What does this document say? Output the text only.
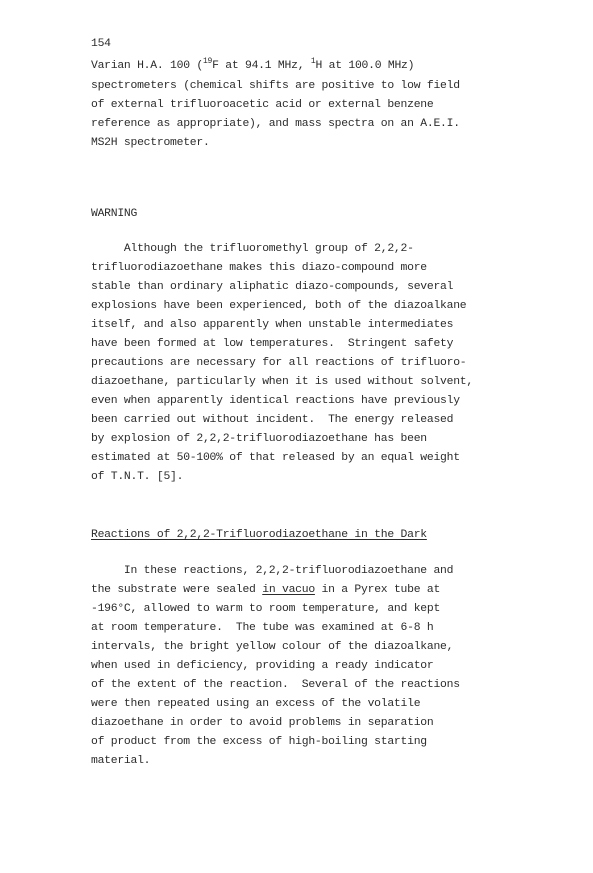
154
Varian H.A. 100 ($^{19}$F at 94.1 MHz, $^1$H at 100.0 MHz)
spectrometers (chemical shifts are positive to low field
of external trifluoroacetic acid or external benzene
reference as appropriate), and mass spectra on an A.E.I.
MS2H spectrometer.
WARNING
Although the trifluoromethyl group of 2,2,2-
trifluorodiazoethane makes this diazo-compound more
stable than ordinary aliphatic diazo-compounds, several
explosions have been experienced, both of the diazoalkane
itself, and also apparently when unstable intermediates
have been formed at low temperatures.  Stringent safety
precautions are necessary for all reactions of trifluoro-
diazoethane, particularly when it is used without solvent,
even when apparently identical reactions have previously
been carried out without incident.  The energy released
by explosion of 2,2,2-trifluorodiazoethane has been
estimated at 50-100% of that released by an equal weight
of T.N.T. [5].
Reactions of 2,2,2-Trifluorodiazoethane in the Dark
In these reactions, 2,2,2-trifluorodiazoethane and
the substrate were sealed in vacuo in a Pyrex tube at
-196°C, allowed to warm to room temperature, and kept
at room temperature.  The tube was examined at 6-8 h
intervals, the bright yellow colour of the diazoalkane,
when used in deficiency, providing a ready indicator
of the extent of the reaction.  Several of the reactions
were then repeated using an excess of the volatile
diazoethane in order to avoid problems in separation
of product from the excess of high-boiling starting
material.
